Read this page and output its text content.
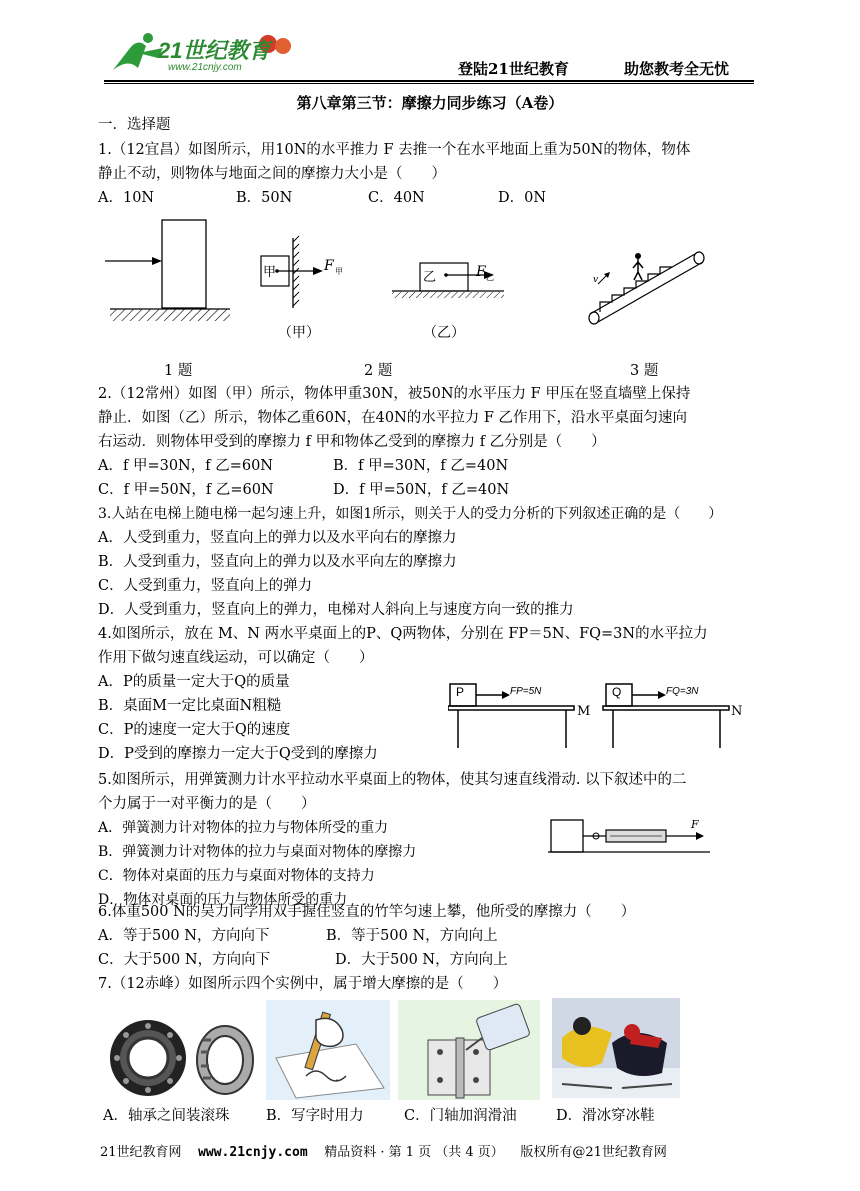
21世纪教育
www.21cnjy.com	登陆21世纪教育	助您教考全无忧
第八章第三节：摩擦力同步练习（A卷）
一．选择题
1.（12宜昌）如图所示，用10N的水平推力 F 去推一个在水平地面上重为50N的物体，物体
静止不动，则物体与地面之间的摩擦力大小是（　　）
A．10N	B．50N	C．40N	D．0N
甲	F 甲
（甲）
乙	F 乙
（乙）
v
1 题	2 题	3 题
2.（12常州）如图（甲）所示，物体甲重30N，被50N的水平压力 F 甲压在竖直墙壁上保持
静止．如图（乙）所示，物体乙重60N，在40N的水平拉力 F 乙作用下，沿水平桌面匀速向
右运动．则物体甲受到的摩擦力 f 甲和物体乙受到的摩擦力 f 乙分别是（　　）
A．f 甲=30N，f 乙=60N	B．f 甲=30N，f 乙=40N
C．f 甲=50N，f 乙=60N	D．f 甲=50N，f 乙=40N
3.人站在电梯上随电梯一起匀速上升，如图1所示，则关于人的受力分析的下列叙述正确的是（　　）
A．人受到重力，竖直向上的弹力以及水平向右的摩擦力
B．人受到重力，竖直向上的弹力以及水平向左的摩擦力
C．人受到重力，竖直向上的弹力
D．人受到重力，竖直向上的弹力，电梯对人斜向上与速度方向一致的推力
4.如图所示，放在 M、N 两水平桌面上的P、Q两物体，分别在 FP＝5N、FQ=3N的水平拉力
作用下做匀速直线运动，可以确定（　　）
A．P的质量一定大于Q的质量
B．桌面M一定比桌面N粗糙
C．P的速度一定大于Q的速度
D．P受到的摩擦力一定大于Q受到的摩擦力
P	FP=5N
M
Q	FQ=3N
N
5.如图所示，用弹簧测力计水平拉动水平桌面上的物体，使其匀速直线滑动. 以下叙述中的二
个力属于一对平衡力的是（　　）
A．弹簧测力计对物体的拉力与物体所受的重力
B．弹簧测力计对物体的拉力与桌面对物体的摩擦力
C．物体对桌面的压力与桌面对物体的支持力
D．物体对桌面的压力与物体所受的重力
F
6.体重500 N的吴力同学用双手握住竖直的竹竿匀速上攀，他所受的摩擦力（　　）
A．等于500 N，方向向下	B．等于500 N，方向向上
C．大于500 N，方向向下	D．大于500 N，方向向上
7.（12赤峰）如图所示四个实例中，属于增大摩擦的是（　　）
A．轴承之间装滚珠	B．写字时用力	C．门轴加润滑油	D．滑冰穿冰鞋
21世纪教育网 www.21cnjy.com 精品资料 · 第 1 页 （共 4 页） 版权所有@21世纪教育网
